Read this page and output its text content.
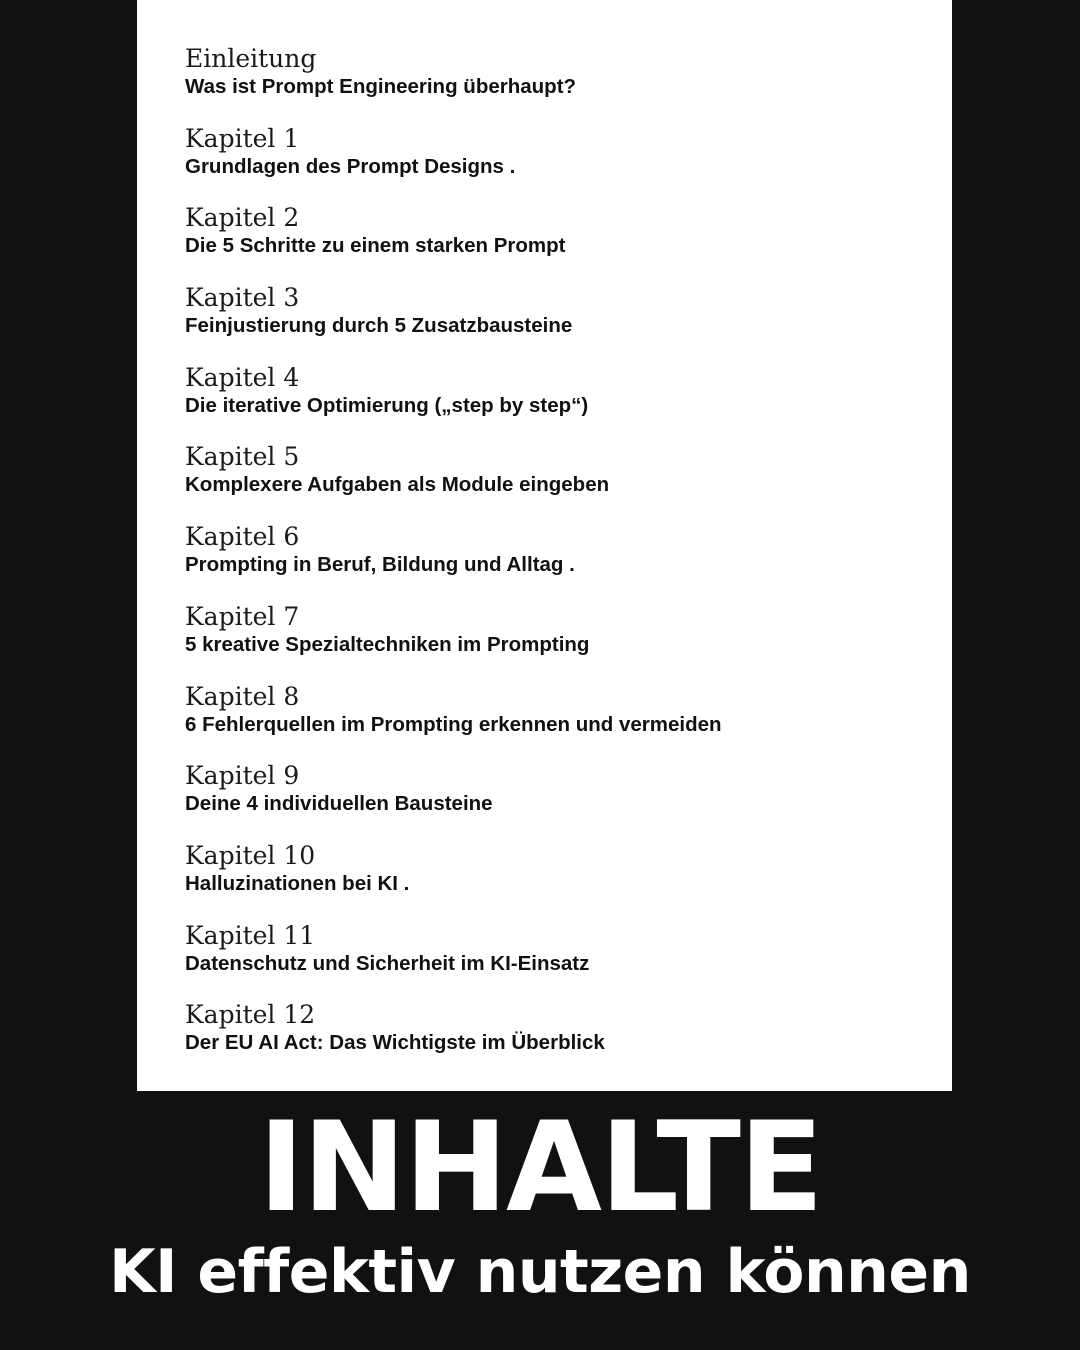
Einleitung
Was ist Prompt Engineering überhaupt?
Kapitel 1
Grundlagen des Prompt Designs .
Kapitel 2
Die 5 Schritte zu einem starken Prompt
Kapitel 3
Feinjustierung durch 5 Zusatzbausteine
Kapitel 4
Die iterative Optimierung („step by step“)
Kapitel 5
Komplexere Aufgaben als Module eingeben
Kapitel 6
Prompting in Beruf, Bildung und Alltag .
Kapitel 7
5 kreative Spezialtechniken im Prompting
Kapitel 8
6 Fehlerquellen im Prompting erkennen und vermeiden
Kapitel 9
Deine 4 individuellen Bausteine
Kapitel 10
Halluzinationen bei KI .
Kapitel 11
Datenschutz und Sicherheit im KI-Einsatz
Kapitel 12
Der EU AI Act: Das Wichtigste im Überblick
INHALTE
KI effektiv nutzen können
